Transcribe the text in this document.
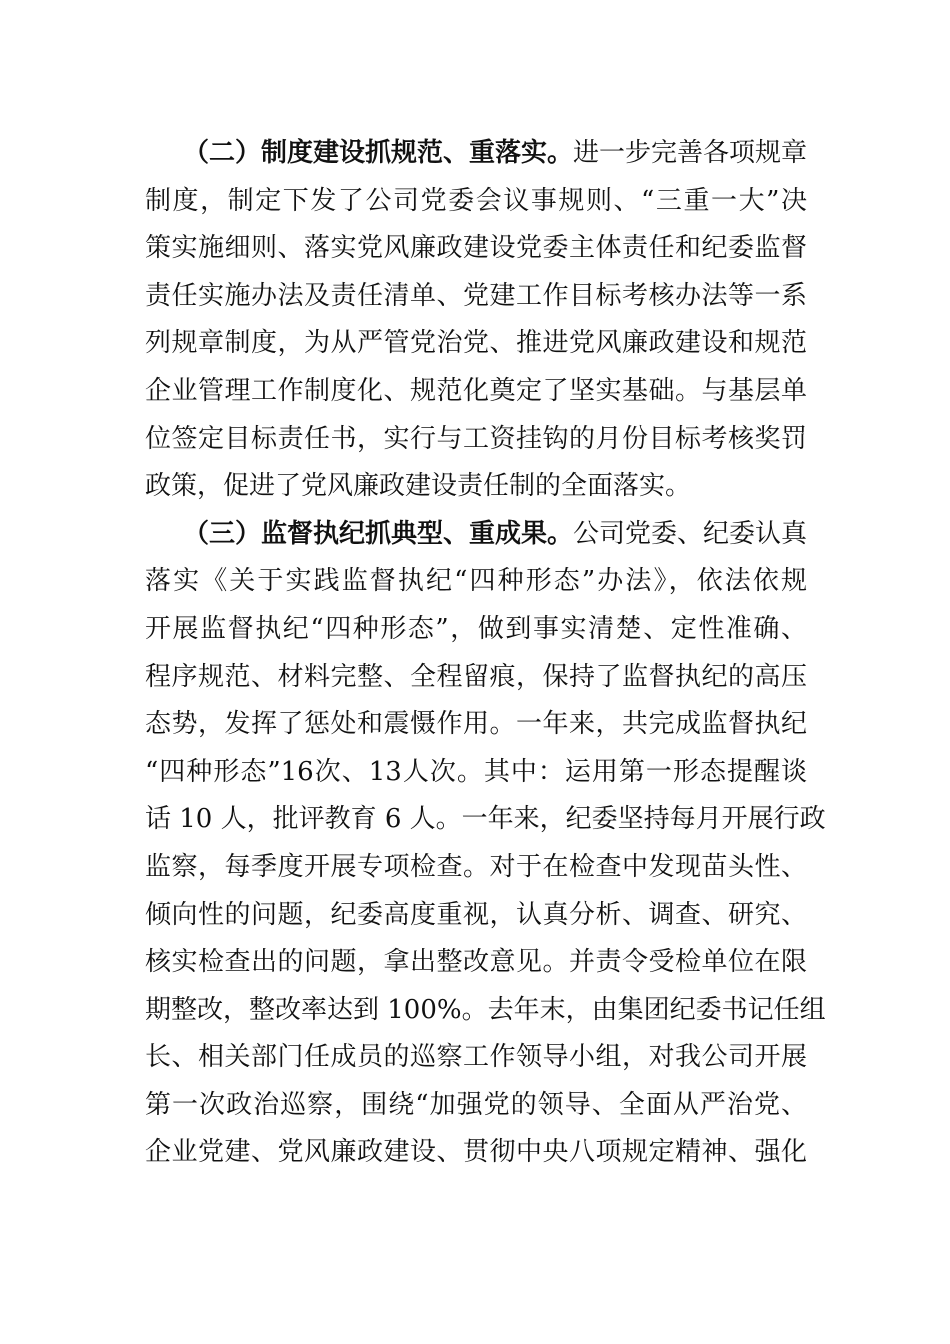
（二）制度建设抓规范、重落实。进一步完善各项规章
制度，制定下发了公司党委会议事规则、“三重一大”决
策实施细则、落实党风廉政建设党委主体责任和纪委监督
责任实施办法及责任清单、党建工作目标考核办法等一系
列规章制度，为从严管党治党、推进党风廉政建设和规范
企业管理工作制度化、规范化奠定了坚实基础。与基层单
位签定目标责任书，实行与工资挂钩的月份目标考核奖罚
政策，促进了党风廉政建设责任制的全面落实。
（三）监督执纪抓典型、重成果。公司党委、纪委认真
落实《关于实践监督执纪“四种形态”办法》，依法依规
开展监督执纪“四种形态”，做到事实清楚、定性准确、
程序规范、材料完整、全程留痕，保持了监督执纪的高压
态势，发挥了惩处和震慑作用。一年来，共完成监督执纪
“四种形态”16次、13人次。其中：运用第一形态提醒谈
话 10 人，批评教育 6 人。一年来，纪委坚持每月开展行政
监察，每季度开展专项检查。对于在检查中发现苗头性、
倾向性的问题，纪委高度重视，认真分析、调查、研究、
核实检查出的问题，拿出整改意见。并责令受检单位在限
期整改，整改率达到 100%。去年末，由集团纪委书记任组
长、相关部门任成员的巡察工作领导小组，对我公司开展
第一次政治巡察，围绕“加强党的领导、全面从严治党、
企业党建、党风廉政建设、贯彻中央八项规定精神、强化
